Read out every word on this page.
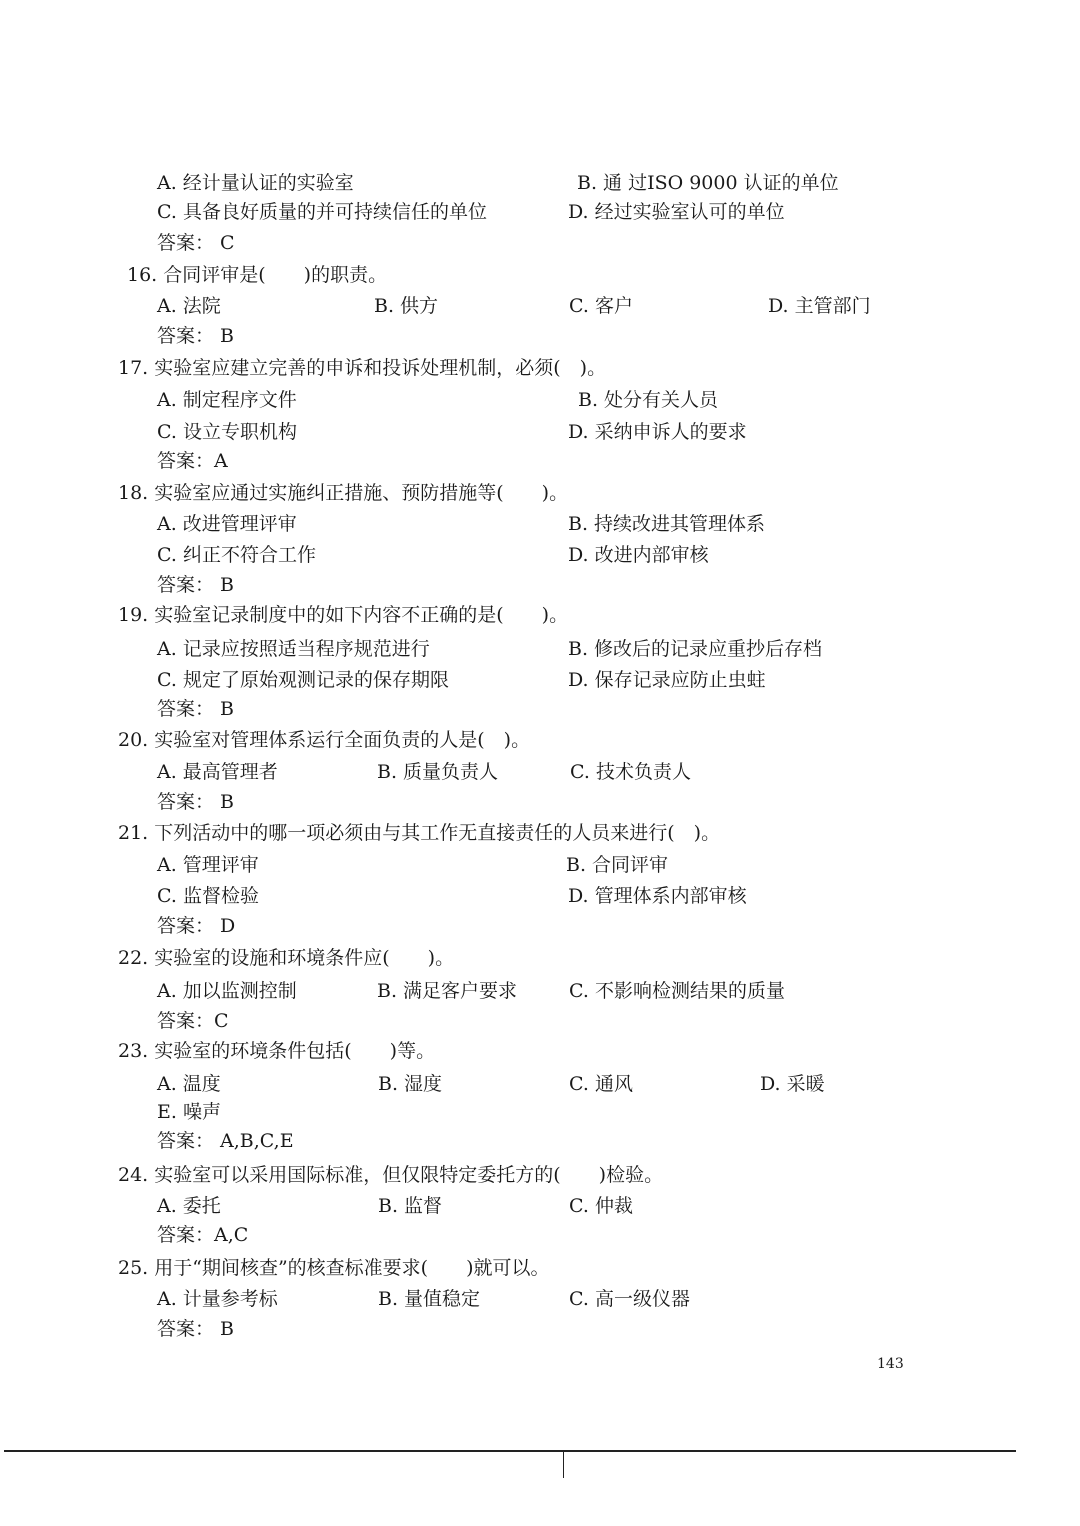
A. 经计量认证的实验室	B. 通 过ISO 9000 认证的单位
C. 具备良好质量的并可持续信任的单位	D. 经过实验室认可的单位
答案： C
16. 合同评审是(　　)的职责。
A. 法院	B. 供方	C. 客户	D. 主管部门
答案： B
17. 实验室应建立完善的申诉和投诉处理机制，必须(　)。
A. 制定程序文件	B. 处分有关人员
C. 设立专职机构	D. 采纳申诉人的要求
答案：A
18. 实验室应通过实施纠正措施、预防措施等(　　)。
A. 改进管理评审	B. 持续改进其管理体系
C. 纠正不符合工作	D. 改进内部审核
答案： B
19. 实验室记录制度中的如下内容不正确的是(　　)。
A. 记录应按照适当程序规范进行	B. 修改后的记录应重抄后存档
C. 规定了原始观测记录的保存期限	D. 保存记录应防止虫蛀
答案： B
20. 实验室对管理体系运行全面负责的人是(　)。
A. 最高管理者	B. 质量负责人	C. 技术负责人
答案： B
21. 下列活动中的哪一项必须由与其工作无直接责任的人员来进行(　)。
A. 管理评审	B. 合同评审
C. 监督检验	D. 管理体系内部审核
答案： D
22. 实验室的设施和环境条件应(　　)。
A. 加以监测控制	B. 满足客户要求	C. 不影响检测结果的质量
答案：C
23. 实验室的环境条件包括(　　)等。
A. 温度	B. 湿度	C. 通风	D. 采暖
E. 噪声
答案： A,B,C,E
24. 实验室可以采用国际标准，但仅限特定委托方的(　　)检验。
A. 委托	B. 监督	C. 仲裁
答案：A,C
25. 用于“期间核查”的核查标准要求(　　)就可以。
A. 计量参考标	B. 量值稳定	C. 高一级仪器
答案： B
143
